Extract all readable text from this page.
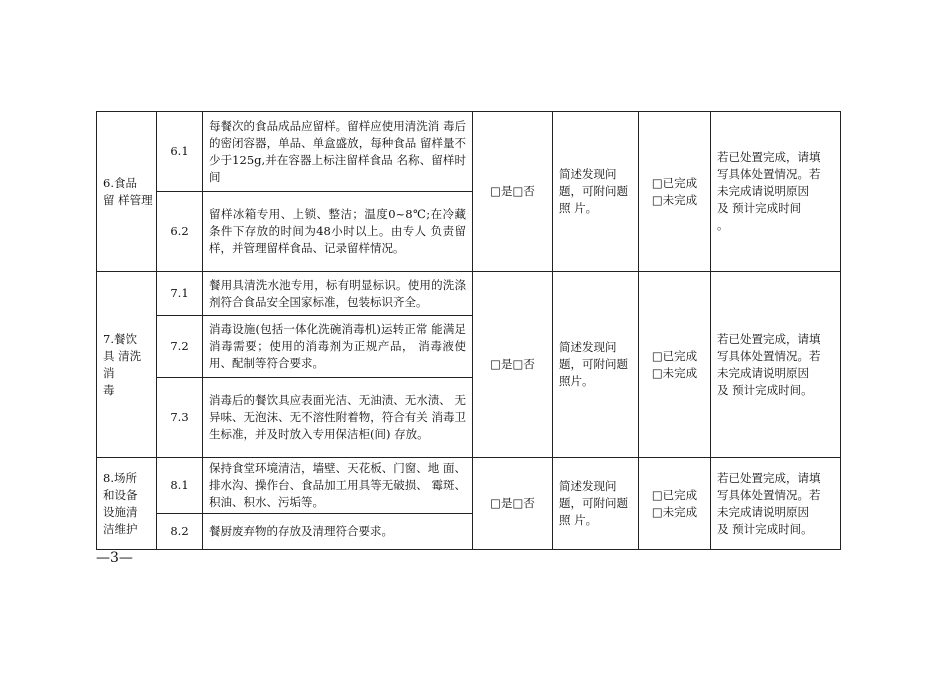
6.食品
留 样管理	6.1	每餐次的食品成品应留样。留样应使用清洗消 毒后的密闭容器，单品、单盒盛放，每种食品 留样量不少于125g,并在容器上标注留样食品 名称、留样时间	□是□否	简述发现问
题，可附问题
照 片。	□已完成
□未完成	若已处置完成，请填
写具体处置情况。若
未完成请说明原因
及 预计完成时间
。

	6.2	留样冰箱专用、上锁、整洁；温度0~8℃;在冷藏条件下存放的时间为48小时以上。由专人 负责留样，并管理留样食品、记录留样情况。				

7.餐饮
具 清洗
消
毒	7.1	餐用具清洗水池专用，标有明显标识。使用的洗涤剂符合食品安全国家标准，包装标识齐全。	□是□否	简述发现问
题，可附问题
照片。	□已完成
□未完成	若已处置完成，请填
写具体处置情况。若
未完成请说明原因
及 预计完成时间。

	7.2	消毒设施(包括一体化洗碗消毒机)运转正常 能满足消毒需要；使用的消毒剂为正规产品， 消毒液使用、配制等符合要求。				

	7.3	消毒后的餐饮具应表面光洁、无油渍、无水渍、 无异味、无泡沫、无不溶性附着物，符合有关 消毒卫生标准，并及时放入专用保洁柜(间) 存放。				

8.场所
和设备
设施清
洁维护	8.1	保持食堂环境清洁，墙壁、天花板、门窗、地 面、排水沟、操作台、食品加工用具等无破损、 霉斑、积油、积水、污垢等。	□是□否	简述发现问
题，可附问题
照 片。	□已完成
□未完成	若已处置完成，请填
写具体处置情况。若
未完成请说明原因
及 预计完成时间。

	8.2	餐厨废弃物的存放及清理符合要求。				
—3—
